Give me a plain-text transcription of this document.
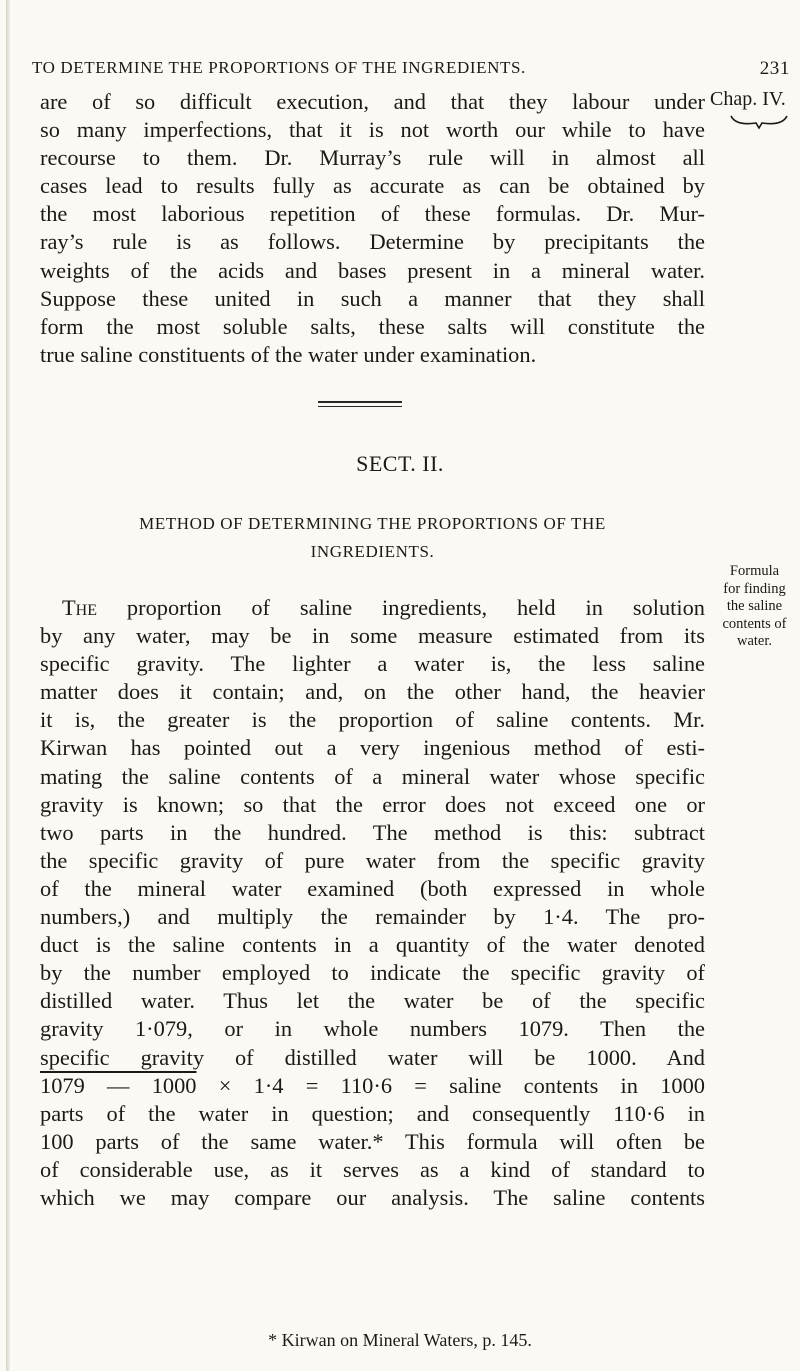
TO DETERMINE THE PROPORTIONS OF THE INGREDIENTS.	231
Chap. IV.
are of so difficult execution, and that they labour under
so many imperfections, that it is not worth our while to have
recourse to them. Dr. Murray’s rule will in almost all
cases lead to results fully as accurate as can be obtained by
the most laborious repetition of these formulas. Dr. Mur-
ray’s rule is as follows. Determine by precipitants the
weights of the acids and bases present in a mineral water.
Suppose these united in such a manner that they shall
form the most soluble salts, these salts will constitute the
true saline constituents of the water under examination.
SECT. II.
METHOD OF DETERMINING THE PROPORTIONS OF THE
INGREDIENTS.
The proportion of saline ingredients, held in solution
by any water, may be in some measure estimated from its
specific gravity. The lighter a water is, the less saline
matter does it contain; and, on the other hand, the heavier
it is, the greater is the proportion of saline contents. Mr.
Kirwan has pointed out a very ingenious method of esti-
mating the saline contents of a mineral water whose specific
gravity is known; so that the error does not exceed one or
two parts in the hundred. The method is this: subtract
the specific gravity of pure water from the specific gravity
of the mineral water examined (both expressed in whole
numbers,) and multiply the remainder by 1·4. The pro-
duct is the saline contents in a quantity of the water denoted
by the number employed to indicate the specific gravity of
distilled water. Thus let the water be of the specific
gravity 1·079, or in whole numbers 1079. Then the
specific gravity of distilled water will be 1000. And
1079 — 1000 × 1·4 = 110·6 = saline contents in 1000
parts of the water in question; and consequently 110·6 in
100 parts of the same water.* This formula will often be
of considerable use, as it serves as a kind of standard to
which we may compare our analysis. The saline contents
Formula
for finding
the saline
contents of
water.
* Kirwan on Mineral Waters, p. 145.
